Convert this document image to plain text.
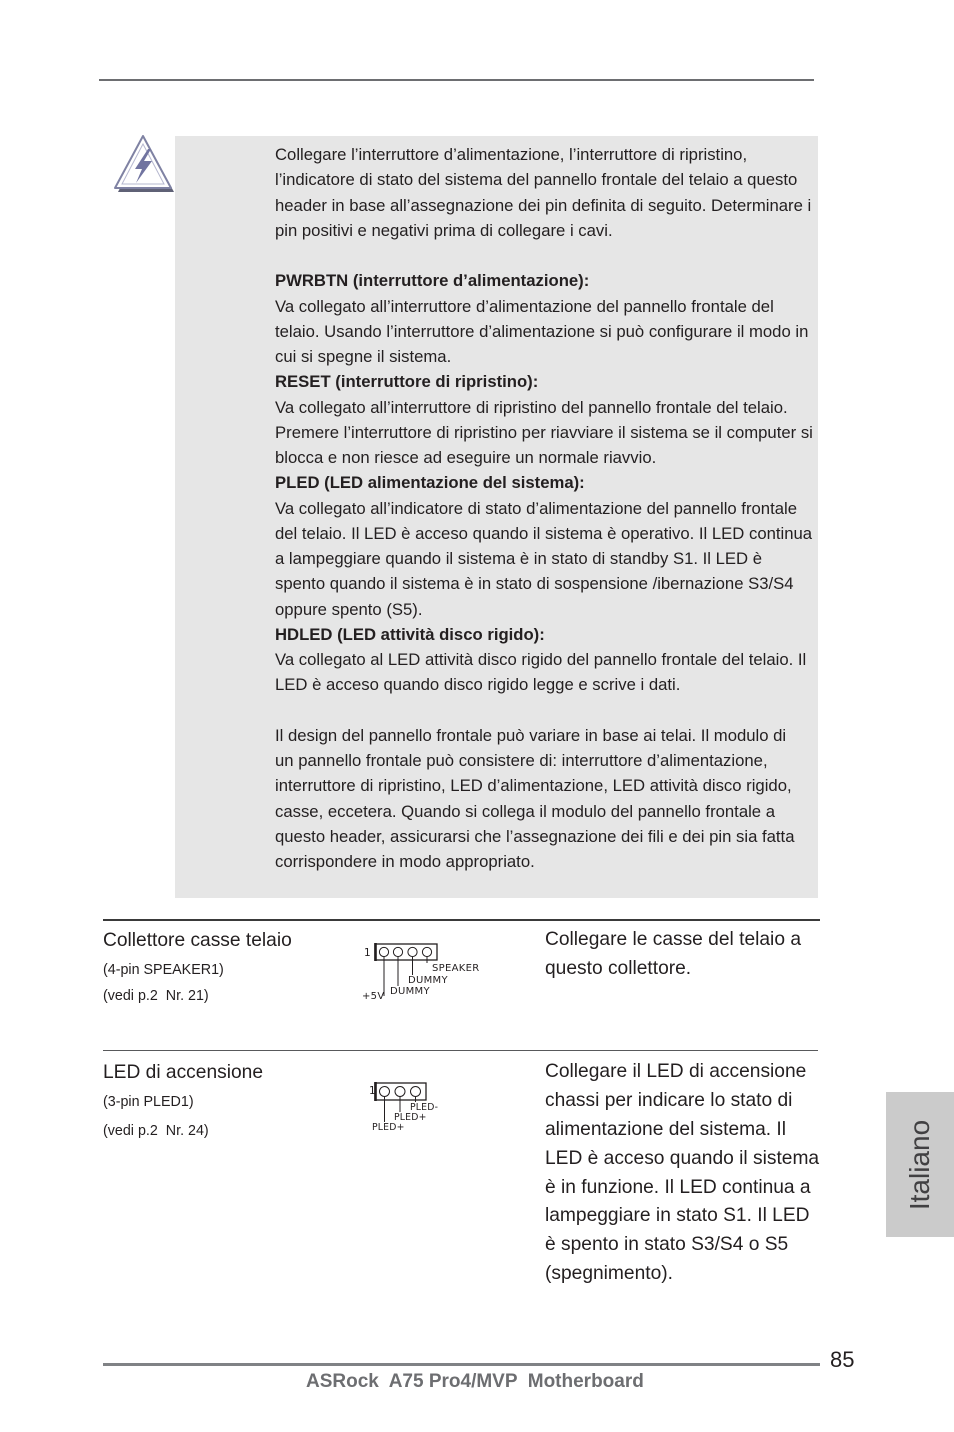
Collegare l’interruttore d’alimentazione, l’interruttore di ripristino,
l’indicatore di stato del sistema del pannello frontale del telaio a questo
header in base all’assegnazione dei pin definita di seguito. Determinare i
pin positivi e negativi prima di collegare i cavi.
PWRBTN (interruttore d’alimentazione):
Va collegato all’interruttore d’alimentazione del pannello frontale del
telaio. Usando l’interruttore d’alimentazione si può configurare il modo in
cui si spegne il sistema.
RESET (interruttore di ripristino):
Va collegato all’interruttore di ripristino del pannello frontale del telaio.
Premere l’interruttore di ripristino per riavviare il sistema se il computer si
blocca e non riesce ad eseguire un normale riavvio.
PLED (LED alimentazione del sistema):
Va collegato all’indicatore di stato d’alimentazione del pannello frontale
del telaio. Il LED è acceso quando il sistema è operativo. Il LED continua
a lampeggiare quando il sistema è in stato di standby S1. Il LED è
spento quando il sistema è in stato di sospensione /ibernazione S3/S4
oppure spento (S5).
HDLED (LED attività disco rigido):
Va collegato al LED attività disco rigido del pannello frontale del telaio. Il
LED è acceso quando disco rigido legge e scrive i dati.
Il design del pannello frontale può variare in base ai telai. Il modulo di
un pannello frontale può consistere di: interruttore d’alimentazione,
interruttore di ripristino, LED d’alimentazione, LED attività disco rigido,
casse, eccetera. Quando si collega il modulo del pannello frontale a
questo header, assicurarsi che l’assegnazione dei fili e dei pin sia fatta
corrispondere in modo appropriato.
Collettore casse telaio
(4-pin SPEAKER1)
(vedi p.2  Nr. 21)
1
SPEAKER
DUMMY
DUMMY
+5V
Collegare le casse del telaio a
questo collettore.
LED di accensione
(3-pin PLED1)
(vedi p.2  Nr. 24)
1
PLED-
PLED+
PLED+
Collegare il LED di accensione
chassi per indicare lo stato di
alimentazione del sistema. Il
LED è acceso quando il sistema
è in funzione. Il LED continua a
lampeggiare in stato S1. Il LED
è spento in stato S3/S4 o S5
(spegnimento).
Italiano
85
ASRock  A75 Pro4/MVP  Motherboard
